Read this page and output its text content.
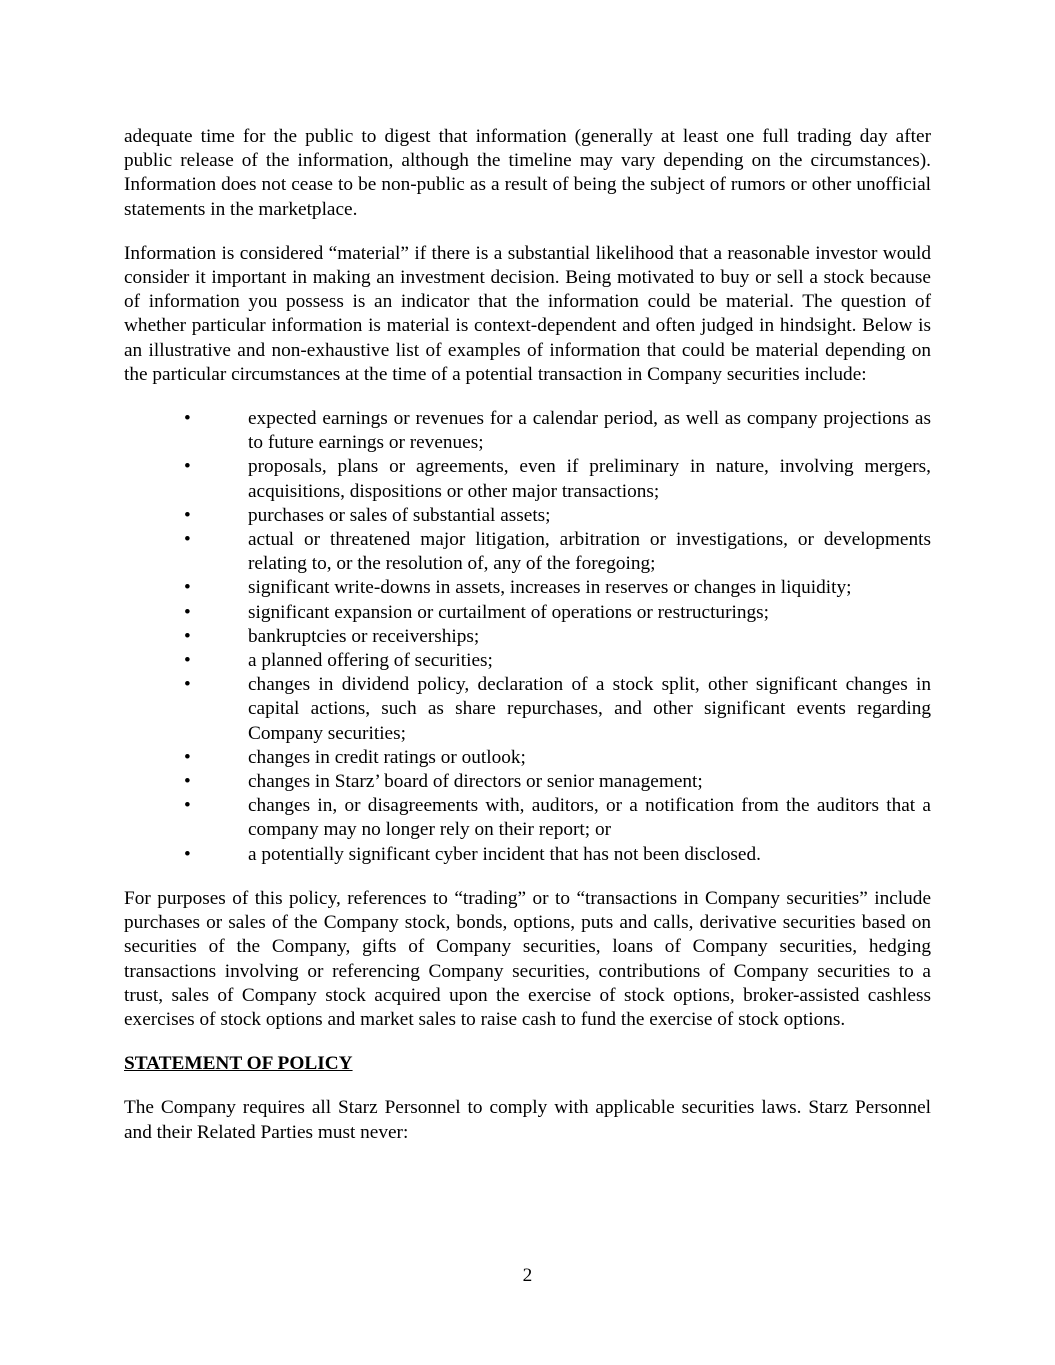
adequate time for the public to digest that information (generally at least one full trading day after public release of the information, although the timeline may vary depending on the circumstances). Information does not cease to be non-public as a result of being the subject of rumors or other unofficial statements in the marketplace.

Information is considered “material” if there is a substantial likelihood that a reasonable investor would consider it important in making an investment decision. Being motivated to buy or sell a stock because of information you possess is an indicator that the information could be material. The question of whether particular information is material is context-dependent and often judged in hindsight. Below is an illustrative and non-exhaustive list of examples of information that could be material depending on the particular circumstances at the time of a potential transaction in Company securities include:

•	expected earnings or revenues for a calendar period, as well as company projections as to future earnings or revenues;
•	proposals, plans or agreements, even if preliminary in nature, involving mergers, acquisitions, dispositions or other major transactions;
•	purchases or sales of substantial assets;
•	actual or threatened major litigation, arbitration or investigations, or developments relating to, or the resolution of, any of the foregoing;
•	significant write-downs in assets, increases in reserves or changes in liquidity;
•	significant expansion or curtailment of operations or restructurings;
•	bankruptcies or receiverships;
•	a planned offering of securities;
•	changes in dividend policy, declaration of a stock split, other significant changes in capital actions, such as share repurchases, and other significant events regarding Company securities;
•	changes in credit ratings or outlook;
•	changes in Starz’ board of directors or senior management;
•	changes in, or disagreements with, auditors, or a notification from the auditors that a company may no longer rely on their report; or
•	a potentially significant cyber incident that has not been disclosed.

For purposes of this policy, references to “trading” or to “transactions in Company securities” include purchases or sales of the Company stock, bonds, options, puts and calls, derivative securities based on securities of the Company, gifts of Company securities, loans of Company securities, hedging transactions involving or referencing Company securities, contributions of Company securities to a trust, sales of Company stock acquired upon the exercise of stock options, broker-assisted cashless exercises of stock options and market sales to raise cash to fund the exercise of stock options.

STATEMENT OF POLICY

The Company requires all Starz Personnel to comply with applicable securities laws. Starz Personnel and their Related Parties must never:

2
